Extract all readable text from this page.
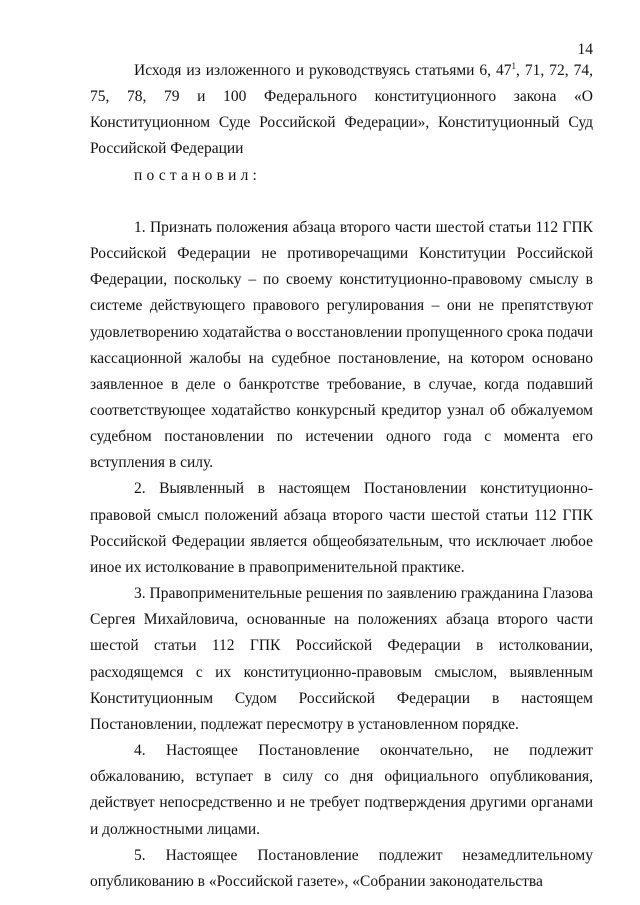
14

Исходя из изложенного и руководствуясь статьями 6, 47$^1$, 71, 72, 74, 75, 78, 79 и 100 Федерального конституционного закона «О Конституционном Суде Российской Федерации», Конституционный Суд Российской Федерации

постановил:

1. Признать положения абзаца второго части шестой статьи 112 ГПК Российской Федерации не противоречащими Конституции Российской Федерации, поскольку – по своему конституционно-правовому смыслу в системе действующего правового регулирования – они не препятствуют удовлетворению ходатайства о восстановлении пропущенного срока подачи кассационной жалобы на судебное постановление, на котором основано заявленное в деле о банкротстве требование, в случае, когда подавший соответствующее ходатайство конкурсный кредитор узнал об обжалуемом судебном постановлении по истечении одного года с момента его вступления в силу.

2. Выявленный в настоящем Постановлении конституционно-правовой смысл положений абзаца второго части шестой статьи 112 ГПК Российской Федерации является общеобязательным, что исключает любое иное их истолкование в правоприменительной практике.

3. Правоприменительные решения по заявлению гражданина Глазова Сергея Михайловича, основанные на положениях абзаца второго части шестой статьи 112 ГПК Российской Федерации в истолковании, расходящемся с их конституционно-правовым смыслом, выявленным Конституционным Судом Российской Федерации в настоящем Постановлении, подлежат пересмотру в установленном порядке.

4. Настоящее Постановление окончательно, не подлежит обжалованию, вступает в силу со дня официального опубликования, действует непосредственно и не требует подтверждения другими органами и должностными лицами.

5. Настоящее Постановление подлежит незамедлительному опубликованию в «Российской газете», «Собрании законодательства
